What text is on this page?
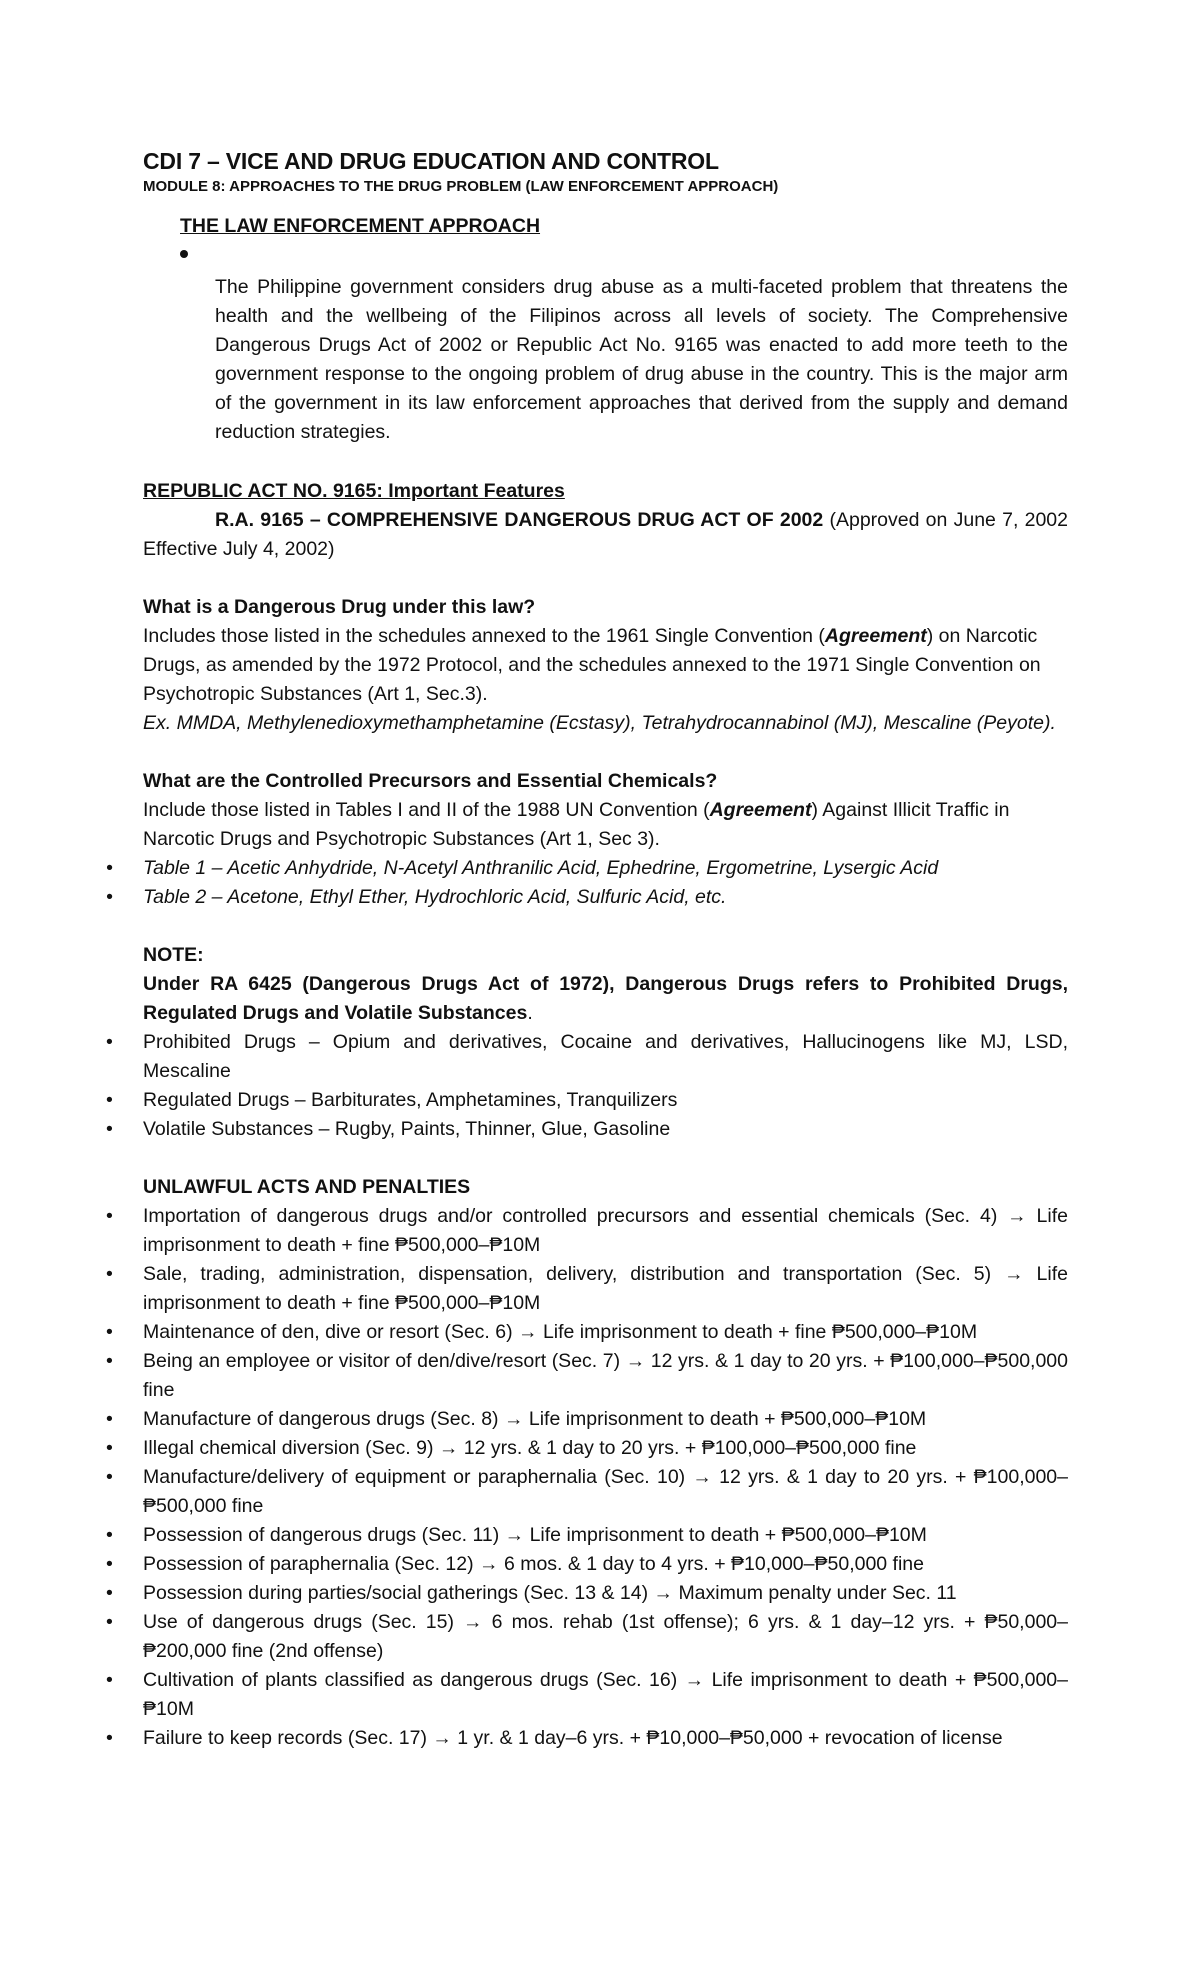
CDI 7 – VICE AND DRUG EDUCATION AND CONTROL
MODULE 8: APPROACHES TO THE DRUG PROBLEM (LAW ENFORCEMENT APPROACH)
THE LAW ENFORCEMENT APPROACH

The Philippine government considers drug abuse as a multi-faceted problem that threatens the health and the wellbeing of the Filipinos across all levels of society. The Comprehensive Dangerous Drugs Act of 2002 or Republic Act No. 9165 was enacted to add more teeth to the government response to the ongoing problem of drug abuse in the country. This is the major arm of the government in its law enforcement approaches that derived from the supply and demand reduction strategies.

REPUBLIC ACT NO. 9165: Important Features

R.A. 9165 – COMPREHENSIVE DANGEROUS DRUG ACT OF 2002 (Approved on June 7, 2002 Effective July 4, 2002)

What is a Dangerous Drug under this law?

Includes those listed in the schedules annexed to the 1961 Single Convention (Agreement) on Narcotic Drugs, as amended by the 1972 Protocol, and the schedules annexed to the 1971 Single Convention on Psychotropic Substances (Art 1, Sec.3).

Ex. MMDA, Methylenedioxymethamphetamine (Ecstasy), Tetrahydrocannabinol (MJ), Mescaline (Peyote).

What are the Controlled Precursors and Essential Chemicals?

Include those listed in Tables I and II of the 1988 UN Convention (Agreement) Against Illicit Traffic in Narcotic Drugs and Psychotropic Substances (Art 1, Sec 3).

• Table 1 – Acetic Anhydride, N-Acetyl Anthranilic Acid, Ephedrine, Ergometrine, Lysergic Acid
• Table 2 – Acetone, Ethyl Ether, Hydrochloric Acid, Sulfuric Acid, etc.

NOTE:

Under RA 6425 (Dangerous Drugs Act of 1972), Dangerous Drugs refers to Prohibited Drugs, Regulated Drugs and Volatile Substances.

• Prohibited Drugs – Opium and derivatives, Cocaine and derivatives, Hallucinogens like MJ, LSD, Mescaline
• Regulated Drugs – Barbiturates, Amphetamines, Tranquilizers
• Volatile Substances – Rugby, Paints, Thinner, Glue, Gasoline

UNLAWFUL ACTS AND PENALTIES

• Importation of dangerous drugs and/or controlled precursors and essential chemicals (Sec. 4) → Life imprisonment to death + fine ₱500,000–₱10M
• Sale, trading, administration, dispensation, delivery, distribution and transportation (Sec. 5) → Life imprisonment to death + fine ₱500,000–₱10M
• Maintenance of den, dive or resort (Sec. 6) → Life imprisonment to death + fine ₱500,000–₱10M
• Being an employee or visitor of den/dive/resort (Sec. 7) → 12 yrs. & 1 day to 20 yrs. + ₱100,000–₱500,000 fine
• Manufacture of dangerous drugs (Sec. 8) → Life imprisonment to death + ₱500,000–₱10M
• Illegal chemical diversion (Sec. 9) → 12 yrs. & 1 day to 20 yrs. + ₱100,000–₱500,000 fine
• Manufacture/delivery of equipment or paraphernalia (Sec. 10) → 12 yrs. & 1 day to 20 yrs. + ₱100,000–₱500,000 fine
• Possession of dangerous drugs (Sec. 11) → Life imprisonment to death + ₱500,000–₱10M
• Possession of paraphernalia (Sec. 12) → 6 mos. & 1 day to 4 yrs. + ₱10,000–₱50,000 fine
• Possession during parties/social gatherings (Sec. 13 & 14) → Maximum penalty under Sec. 11
• Use of dangerous drugs (Sec. 15) → 6 mos. rehab (1st offense); 6 yrs. & 1 day–12 yrs. + ₱50,000–₱200,000 fine (2nd offense)
• Cultivation of plants classified as dangerous drugs (Sec. 16) → Life imprisonment to death + ₱500,000–₱10M
• Failure to keep records (Sec. 17) → 1 yr. & 1 day–6 yrs. + ₱10,000–₱50,000 + revocation of license
